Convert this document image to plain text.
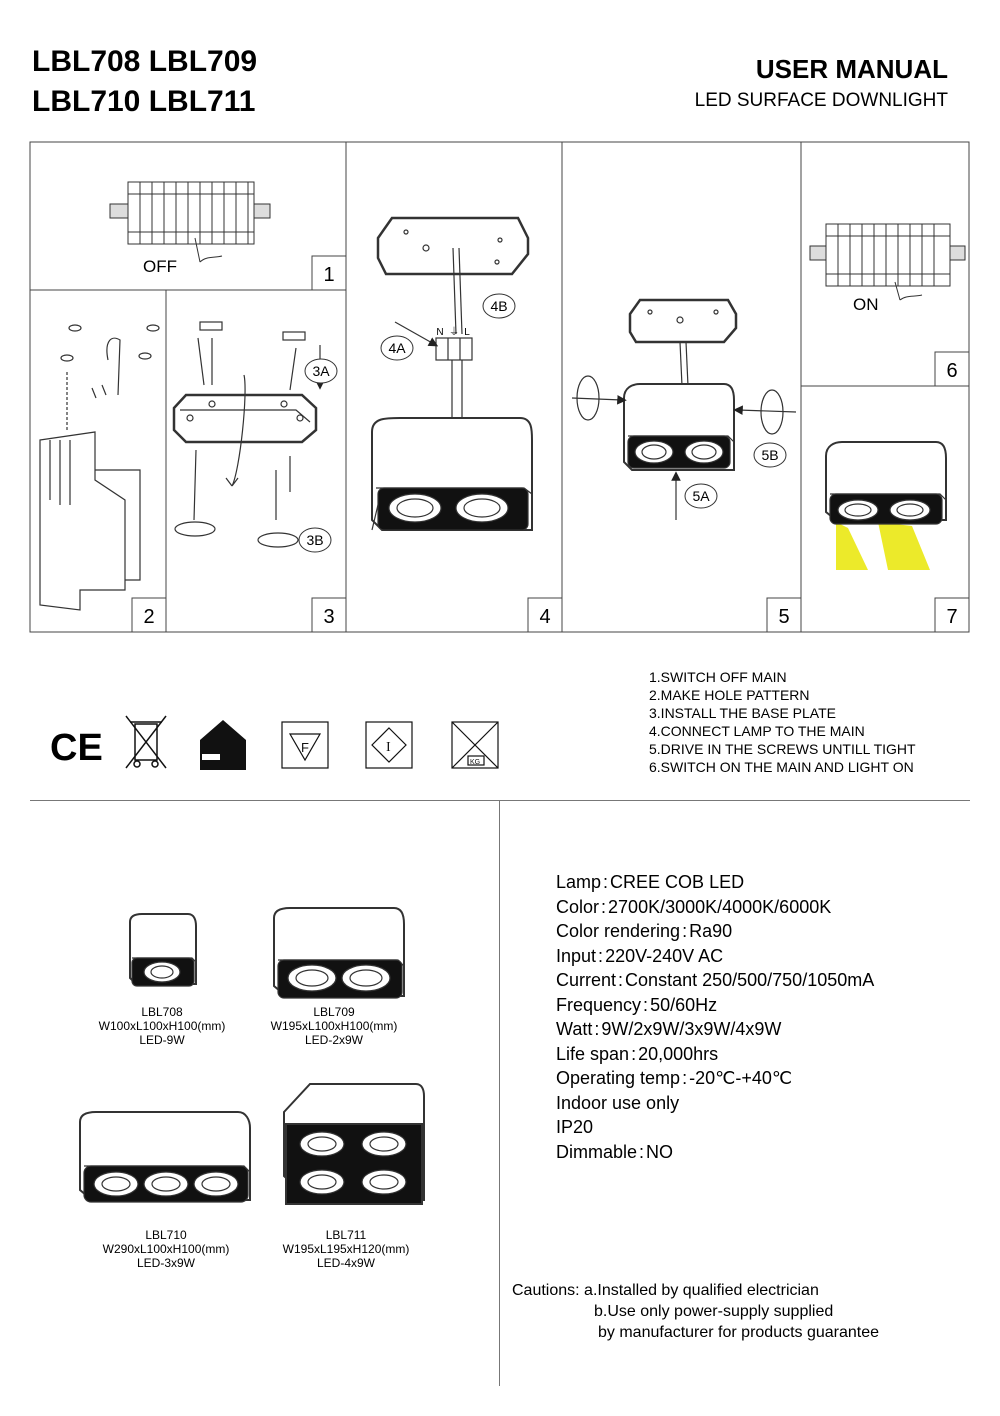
LBL708 LBL709
LBL710 LBL711
USER MANUAL
LED SURFACE DOWNLIGHT
1
2	3	4	5
6
7
OFF
ON
3A
3B
N ⏚ L
4A
4B
5B
5A
1.SWITCH OFF MAIN
2.MAKE HOLE PATTERN
3.INSTALL THE BASE PLATE
4.CONNECT LAMP TO THE MAIN
5.DRIVE IN THE SCREWS UNTILL TIGHT
6.SWITCH ON THE MAIN AND LIGHT ON
CE	F	I
KG
LBL708
W100xL100xH100(mm)
LED-9W
LBL709
W195xL100xH100(mm)
LED-2x9W
LBL710
W290xL100xH100(mm)
LED-3x9W
LBL711
W195xL195xH120(mm)
LED-4x9W
Lamp : CREE COB LED
Color : 2700K/3000K/4000K/6000K
Color rendering : Ra90
Input : 220V-240V AC
Current : Constant 250/500/750/1050mA
Frequency : 50/60Hz
Watt : 9W/2x9W/3x9W/4x9W
Life span : 20,000hrs
Operating temp : -20℃-+40℃
Indoor use only
IP20
Dimmable : NO
Cautions: a.Installed by qualified electrician
b.Use only power-supply supplied
by manufacturer for products guarantee
